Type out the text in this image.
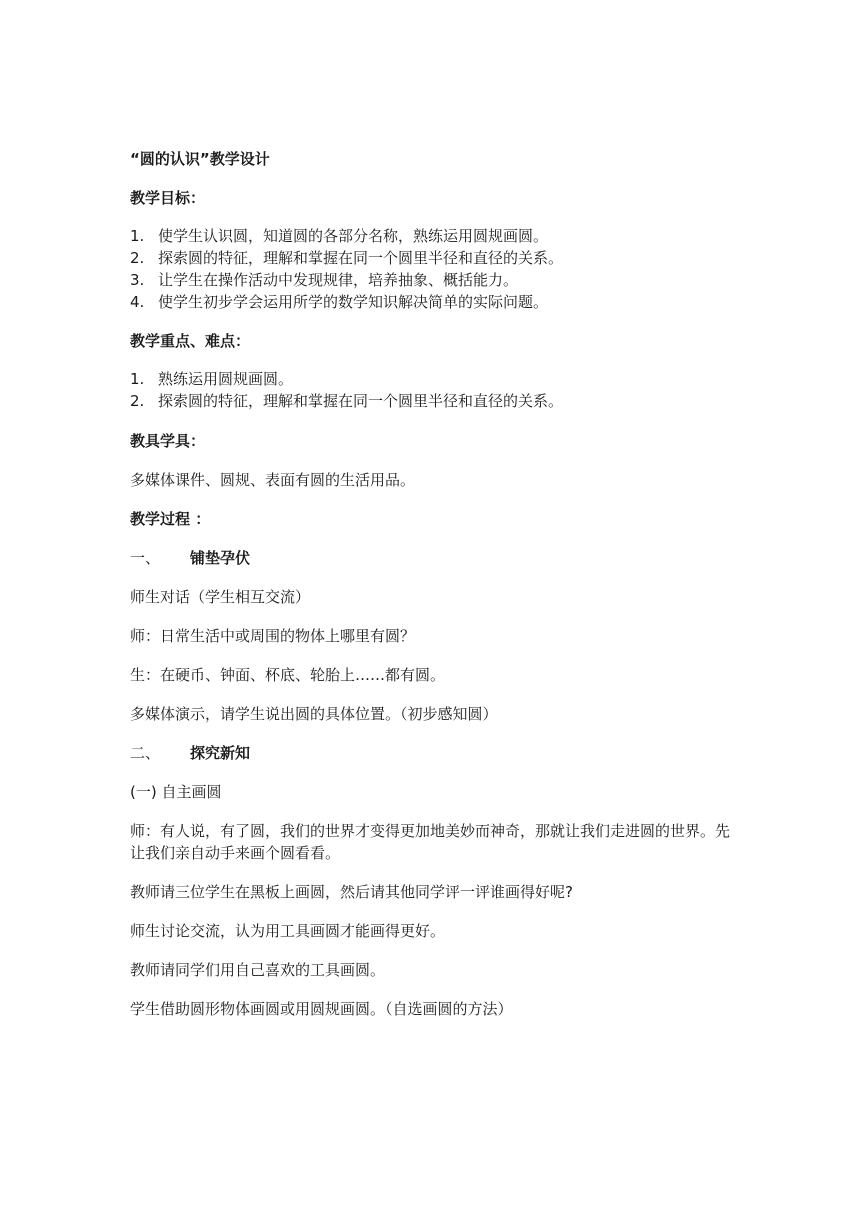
“圆的认识”教学设计
教学目标：
1. 使学生认识圆，知道圆的各部分名称，熟练运用圆规画圆。
2. 探索圆的特征，理解和掌握在同一个圆里半径和直径的关系。
3. 让学生在操作活动中发现规律，培养抽象、概括能力。
4. 使学生初步学会运用所学的数学知识解决简单的实际问题。
教学重点、难点：
1. 熟练运用圆规画圆。
2. 探索圆的特征，理解和掌握在同一个圆里半径和直径的关系。
教具学具：
多媒体课件、圆规、表面有圆的生活用品。
教学过程 ：
一、	铺垫孕伏
师生对话（学生相互交流）
师：日常生活中或周围的物体上哪里有圆？
生：在硬币、钟面、杯底、轮胎上……都有圆。
多媒体演示，请学生说出圆的具体位置。（初步感知圆）
二、	探究新知
(一) 自主画圆
师：有人说，有了圆，我们的世界才变得更加地美妙而神奇，那就让我们走进圆的世界。先让我们亲自动手来画个圆看看。
教师请三位学生在黑板上画圆，然后请其他同学评一评谁画得好呢?
师生讨论交流，认为用工具画圆才能画得更好。
教师请同学们用自己喜欢的工具画圆。
学生借助圆形物体画圆或用圆规画圆。（自选画圆的方法）
